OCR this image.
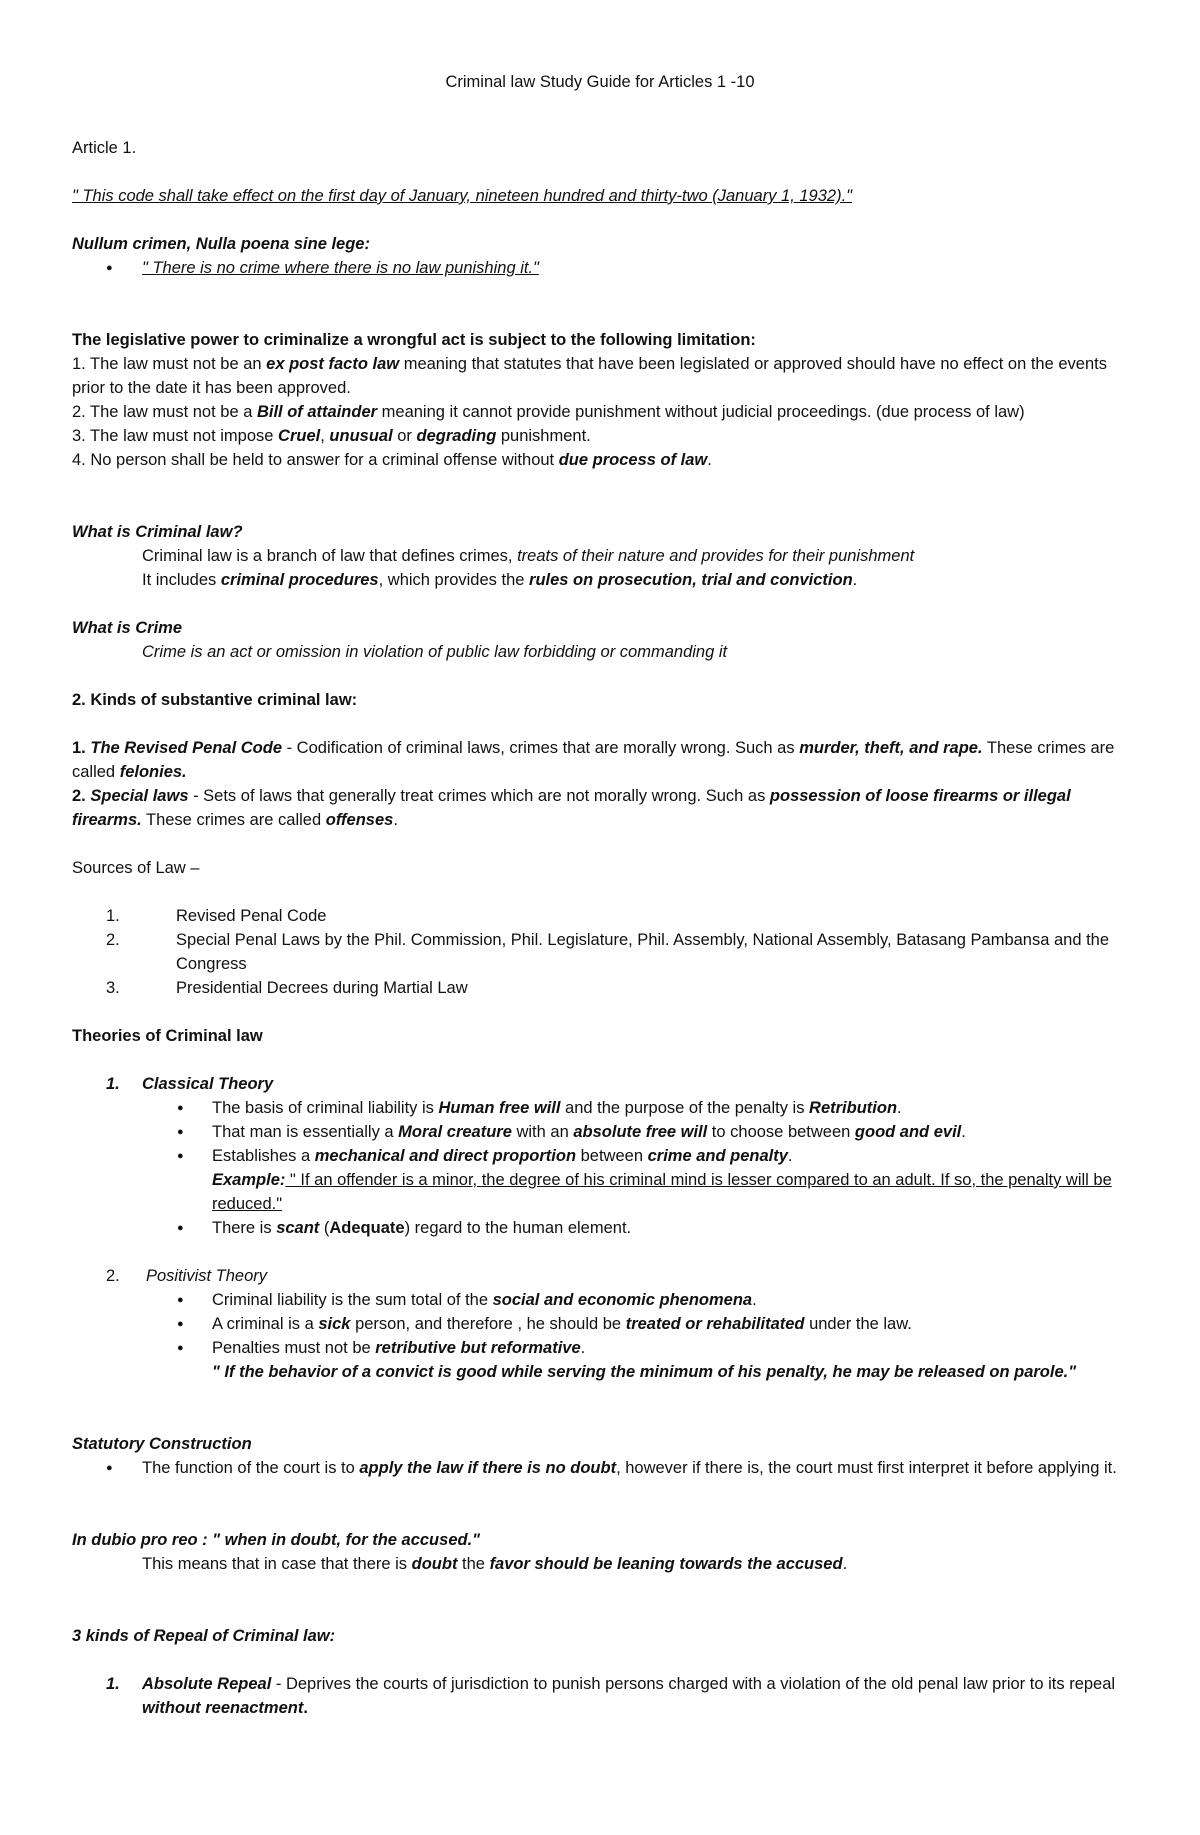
Criminal law Study Guide for Articles 1 -10

Article 1.

" This code shall take effect on the first day of January, nineteen hundred and thirty-two (January 1, 1932)."

Nullum crimen, Nulla poena sine lege:

● " There is no crime where there is no law punishing it."

The legislative power to criminalize a wrongful act is subject to the following limitation:

1. The law must not be an ex post facto law meaning that statutes that have been legislated or approved should have no effect on the events prior to the date it has been approved.

2. The law must not be a Bill of attainder meaning it cannot provide punishment without judicial proceedings. (due process of law)

3. The law must not impose Cruel, unusual or degrading punishment.

4. No person shall be held to answer for a criminal offense without due process of law.

What is Criminal law?

Criminal law is a branch of law that defines crimes, treats of their nature and provides for their punishment

It includes criminal procedures, which provides the rules on prosecution, trial and conviction.

What is Crime

Crime is an act or omission in violation of public law forbidding or commanding it

2. Kinds of substantive criminal law:

1. The Revised Penal Code - Codification of criminal laws, crimes that are morally wrong. Such as murder, theft, and rape. These crimes are called felonies.

2. Special laws - Sets of laws that generally treat crimes which are not morally wrong. Such as possession of loose firearms or illegal firearms. These crimes are called offenses.

Sources of Law –

1.	Revised Penal Code

2.	Special Penal Laws by the Phil. Commission, Phil. Legislature, Phil. Assembly, National Assembly, Batasang Pambansa and the Congress

3.	Presidential Decrees during Martial Law

Theories of Criminal law

1. Classical Theory

● The basis of criminal liability is Human free will and the purpose of the penalty is Retribution.

● That man is essentially a Moral creature with an absolute free will to choose between good and evil.

● Establishes a mechanical and direct proportion between crime and penalty.

Example: " If an offender is a minor, the degree of his criminal mind is lesser compared to an adult. If so, the penalty will be reduced."

● There is scant (Adequate) regard to the human element.

2. Positivist Theory

● Criminal liability is the sum total of the social and economic phenomena.

● A criminal is a sick person, and therefore , he should be treated or rehabilitated under the law.

● Penalties must not be retributive but reformative.

" If the behavior of a convict is good while serving the minimum of his penalty, he may be released on parole."

Statutory Construction

● The function of the court is to apply the law if there is no doubt, however if there is, the court must first interpret it before applying it.

In dubio pro reo : " when in doubt, for the accused."

This means that in case that there is doubt the favor should be leaning towards the accused.

3 kinds of Repeal of Criminal law:

1. Absolute Repeal - Deprives the courts of jurisdiction to punish persons charged with a violation of the old penal law prior to its repeal without reenactment.
